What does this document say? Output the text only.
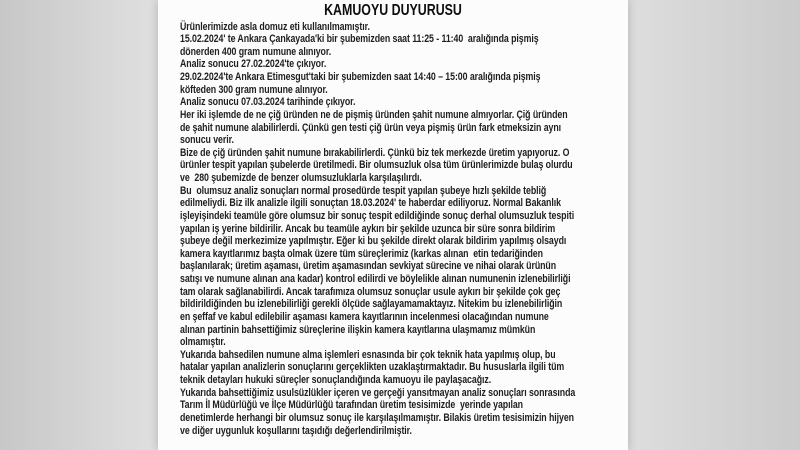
KAMUOYU DUYURUSU
Ürünlerimizde asla domuz eti kullanılmamıştır.
15.02.2024' te Ankara Çankayada'ki bir şubemizden saat 11:25 - 11:40  aralığında pişmiş
dönerden 400 gram numune alınıyor.
Analiz sonucu 27.02.2024'te çıkıyor.
29.02.2024'te Ankara Etimesgut'taki bir şubemizden saat 14:40 – 15:00 aralığında pişmiş
köfteden 300 gram numune alınıyor.
Analiz sonucu 07.03.2024 tarihinde çıkıyor.
Her iki işlemde de ne çiğ üründen ne de pişmiş üründen şahit numune almıyorlar. Çiğ üründen
de şahit numune alabilirlerdi. Çünkü gen testi çiğ ürün veya pişmiş ürün fark etmeksizin aynı
sonucu verir.
Bize de çiğ üründen şahit numune bırakabilirlerdi. Çünkü biz tek merkezde üretim yapıyoruz. O
ürünler tespit yapılan şubelerde üretilmedi. Bir olumsuzluk olsa tüm ürünlerimizde bulaş olurdu
ve  280 şubemizde de benzer olumsuzluklarla karşılaşılırdı.
Bu  olumsuz analiz sonuçları normal prosedürde tespit yapılan şubeye hızlı şekilde tebliğ
edilmeliydi. Biz ilk analizle ilgili sonuçtan 18.03.2024' te haberdar ediliyoruz. Normal Bakanlık
işleyişindeki teamüle göre olumsuz bir sonuç tespit edildiğinde sonuç derhal olumsuzluk tespiti
yapılan iş yerine bildirilir. Ancak bu teamüle aykırı bir şekilde uzunca bir süre sonra bildirim
şubeye değil merkezimize yapılmıştır. Eğer ki bu şekilde direkt olarak bildirim yapılmış olsaydı
kamera kayıtlarımız başta olmak üzere tüm süreçlerimiz (karkas alınan  etin tedariğinden
başlanılarak; üretim aşaması, üretim aşamasından sevkiyat sürecine ve nihai olarak ürünün
satışı ve numune alınan ana kadar) kontrol edilirdi ve böylelikle alınan numunenin izlenebilirliği
tam olarak sağlanabilirdi. Ancak tarafımıza olumsuz sonuçlar usule aykırı bir şekilde çok geç
bildirildiğinden bu izlenebilirliği gerekli ölçüde sağlayamamaktayız. Nitekim bu izlenebilirliğin
en şeffaf ve kabul edilebilir aşaması kamera kayıtlarının incelenmesi olacağından numune
alınan partinin bahsettiğimiz süreçlerine ilişkin kamera kayıtlarına ulaşmamız mümkün
olmamıştır.
Yukarıda bahsedilen numune alma işlemleri esnasında bir çok teknik hata yapılmış olup, bu
hatalar yapılan analizlerin sonuçlarını gerçeklikten uzaklaştırmaktadır. Bu hususlarla ilgili tüm
teknik detayları hukuki süreçler sonuçlandığında kamuoyu ile paylaşacağız.
Yukarıda bahsettiğimiz usulsüzlükler içeren ve gerçeği yansıtmayan analiz sonuçları sonrasında
Tarım İl Müdürlüğü ve İlçe Müdürlüğü tarafından üretim tesisimizde  yerinde yapılan
denetimlerde herhangi bir olumsuz sonuç ile karşılaşılmamıştır. Bilakis üretim tesisimizin hijyen
ve diğer uygunluk koşullarını taşıdığı değerlendirilmiştir.
